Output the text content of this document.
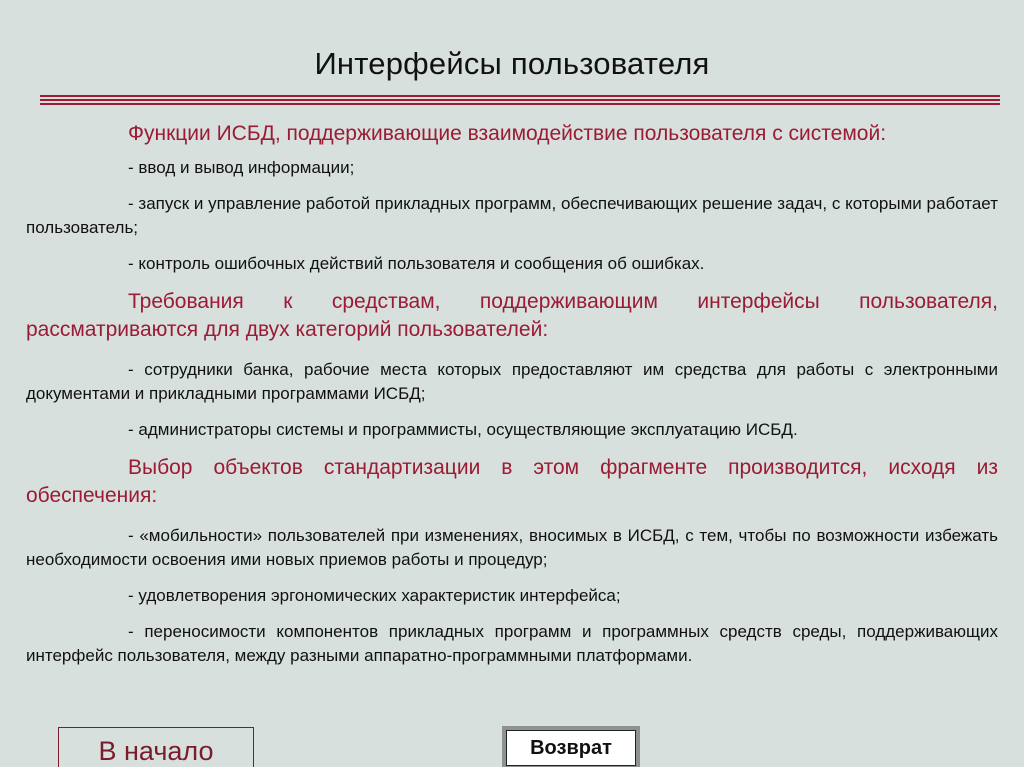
Интерфейсы пользователя

Функции ИСБД, поддерживающие взаимодействие пользователя с системой:

- ввод и вывод информации;

- запуск и управление работой прикладных программ, обеспечивающих решение задач, с которыми работает пользователь;

- контроль ошибочных действий пользователя и сообщения об ошибках.

Требования к средствам, поддерживающим интерфейсы пользователя, рассматриваются для двух категорий пользователей:

- сотрудники банка, рабочие места которых предоставляют им средства для работы с электронными документами и прикладными программами ИСБД;

- администраторы системы и программисты, осуществляющие эксплуатацию ИСБД.

Выбор объектов стандартизации в этом фрагменте производится, исходя из обеспечения:

- «мобильности» пользователей при изменениях, вносимых в ИСБД, с тем, чтобы по возможности избежать необходимости освоения ими новых приемов работы и процедур;

- удовлетворения эргономических характеристик интерфейса;

- переносимости компонентов прикладных программ и программных средств среды, поддерживающих интерфейс пользователя, между разными аппаратно-программными платформами.

В начало	Возврат
